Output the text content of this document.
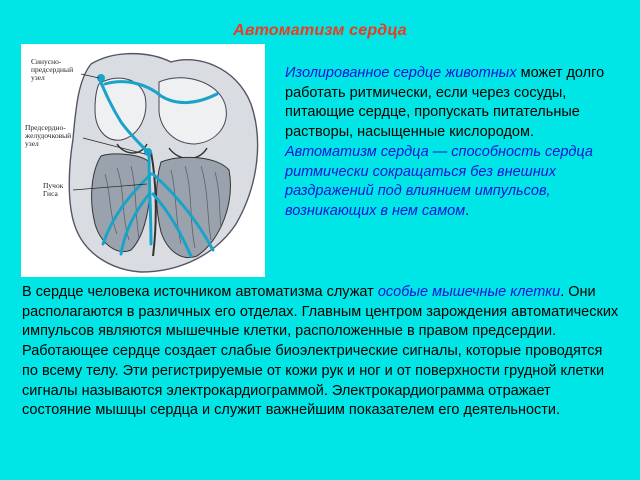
Автоматизм сердца
Синусно-
предсердный
узел
Предсердно-
желудочковый
узел
Пучок
Гиса
Изолированное сердце животных может долго работать ритмически, если через сосуды, питающие сердце, пропускать питательные растворы, насыщенные кислородом. Автоматизм сердца — способность сердца ритмически сокращаться без внешних раздражений под влиянием импульсов, возникающих в нем самом.
В сердце человека источником автоматизма служат особые мышечные клетки. Они располагаются в различных его отделах. Главным центром зарождения автоматических импульсов являются мышечные клетки, расположенные в правом предсердии. Работающее сердце создает слабые биоэлектрические сигналы, которые проводятся по всему телу. Эти регистрируемые от кожи рук и ног и от поверхности грудной клетки сигналы называются электрокардиограммой. Электрокардиограмма отражает состояние мышцы сердца и служит важнейшим показателем его деятельности.
